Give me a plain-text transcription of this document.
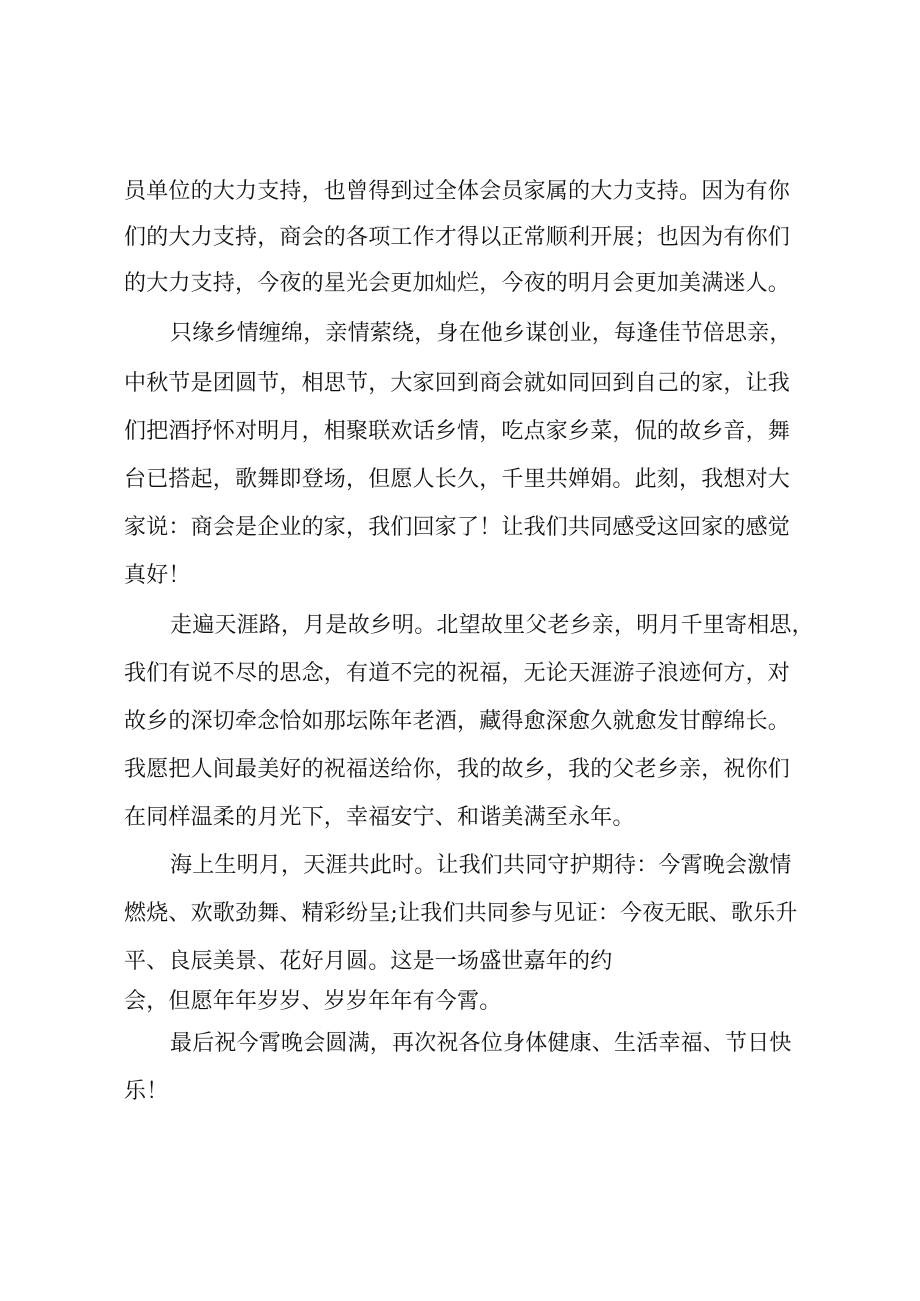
员单位的大力支持，也曾得到过全体会员家属的大力支持。因为有你
们的大力支持，商会的各项工作才得以正常顺利开展；也因为有你们
的大力支持，今夜的星光会更加灿烂，今夜的明月会更加美满迷人。
只缘乡情缠绵，亲情萦绕，身在他乡谋创业，每逢佳节倍思亲，
中秋节是团圆节，相思节，大家回到商会就如同回到自己的家，让我
们把酒抒怀对明月，相聚联欢话乡情，吃点家乡菜，侃的故乡音，舞
台已搭起，歌舞即登场，但愿人长久，千里共婵娟。此刻，我想对大
家说：商会是企业的家，我们回家了！让我们共同感受这回家的感觉
真好！
走遍天涯路，月是故乡明。北望故里父老乡亲，明月千里寄相思，
我们有说不尽的思念，有道不完的祝福，无论天涯游子浪迹何方，对
故乡的深切牵念恰如那坛陈年老酒，藏得愈深愈久就愈发甘醇绵长。
我愿把人间最美好的祝福送给你，我的故乡，我的父老乡亲，祝你们
在同样温柔的月光下，幸福安宁、和谐美满至永年。
海上生明月，天涯共此时。让我们共同守护期待：今霄晚会激情
燃烧、欢歌劲舞、精彩纷呈;让我们共同参与见证：今夜无眠、歌乐升
平、良辰美景、花好月圆。这是一场盛世嘉年的约
会，但愿年年岁岁、岁岁年年有今霄。
最后祝今霄晚会圆满，再次祝各位身体健康、生活幸福、节日快
乐！
